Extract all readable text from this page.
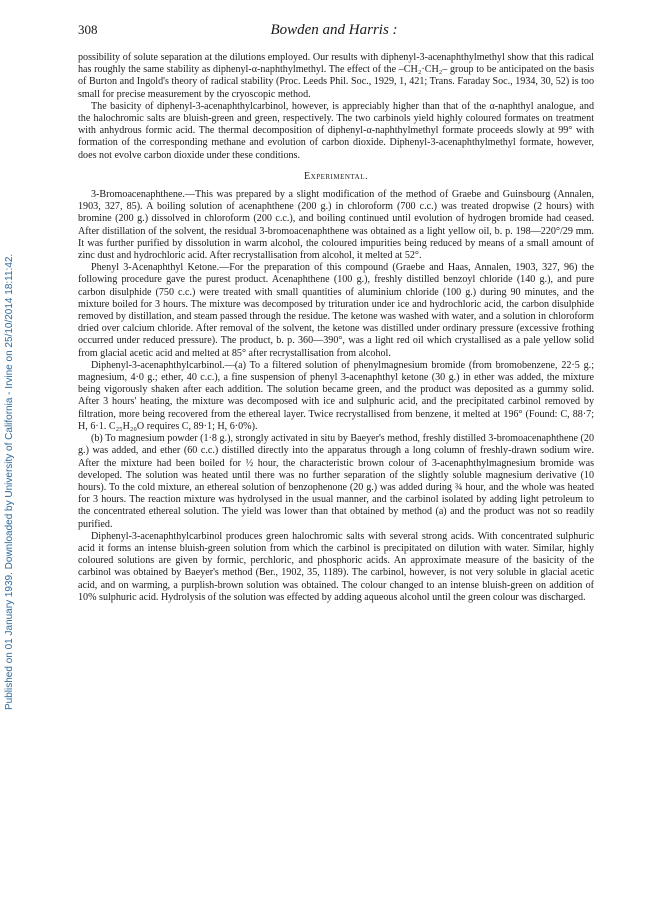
Published on 01 January 1939. Downloaded by University of California - Irvine on 25/10/2014 18:11:42.
308	Bowden and Harris :

possibility of solute separation at the dilutions employed. Our results with diphenyl-3-acenaphthylmethyl show that this radical has roughly the same stability as diphenyl-α-naphthylmethyl. The effect of the –CH₂·CH₂– group to be anticipated on the basis of Burton and Ingold's theory of radical stability (Proc. Leeds Phil. Soc., 1929, 1, 421; Trans. Faraday Soc., 1934, 30, 52) is too small for precise measurement by the cryoscopic method.

The basicity of diphenyl-3-acenaphthylcarbinol, however, is appreciably higher than that of the α-naphthyl analogue, and the halochromic salts are bluish-green and green, respectively. The two carbinols yield highly coloured formates on treatment with anhydrous formic acid. The thermal decomposition of diphenyl-α-naphthylmethyl formate proceeds slowly at 99° with formation of the corresponding methane and evolution of carbon dioxide. Diphenyl-3-acenaphthylmethyl formate, however, does not evolve carbon dioxide under these conditions.

Experimental.

3-Bromoacenaphthene.—This was prepared by a slight modification of the method of Graebe and Guinsbourg (Annalen, 1903, 327, 85). A boiling solution of acenaphthene (200 g.) in chloroform (700 c.c.) was treated dropwise (2 hours) with bromine (200 g.) dissolved in chloroform (200 c.c.), and boiling continued until evolution of hydrogen bromide had ceased. After distillation of the solvent, the residual 3-bromoacenaphthene was obtained as a light yellow oil, b. p. 198—220°/29 mm. It was further purified by dissolution in warm alcohol, the coloured impurities being reduced by means of a small amount of zinc dust and hydrochloric acid. After recrystallisation from alcohol, it melted at 52°.

Phenyl 3-Acenaphthyl Ketone.—For the preparation of this compound (Graebe and Haas, Annalen, 1903, 327, 96) the following procedure gave the purest product. Acenaphthene (100 g.), freshly distilled benzoyl chloride (140 g.), and pure carbon disulphide (750 c.c.) were treated with small quantities of aluminium chloride (100 g.) during 90 minutes, and the mixture boiled for 3 hours. The mixture was decomposed by trituration under ice and hydrochloric acid, the carbon disulphide removed by distillation, and steam passed through the residue. The ketone was washed with water, and a solution in chloroform dried over calcium chloride. After removal of the solvent, the ketone was distilled under ordinary pressure (excessive frothing occurred under reduced pressure). The product, b. p. 360—390°, was a light red oil which crystallised as a pale yellow solid from glacial acetic acid and melted at 85° after recrystallisation from alcohol.

Diphenyl-3-acenaphthylcarbinol.—(a) To a filtered solution of phenylmagnesium bromide (from bromobenzene, 22·5 g.; magnesium, 4·0 g.; ether, 40 c.c.), a fine suspension of phenyl 3-acenaphthyl ketone (30 g.) in ether was added, the mixture being vigorously shaken after each addition. The solution became green, and the product was deposited as a gummy solid. After 3 hours' heating, the mixture was decomposed with ice and sulphuric acid, and the precipitated carbinol removed by filtration, more being recovered from the ethereal layer. Twice recrystallised from benzene, it melted at 196° (Found: C, 88·7; H, 6·1. C₂₅H₂₀O requires C, 89·1; H, 6·0%).

(b) To magnesium powder (1·8 g.), strongly activated in situ by Baeyer's method, freshly distilled 3-bromoacenaphthene (20 g.) was added, and ether (60 c.c.) distilled directly into the apparatus through a long column of freshly-drawn sodium wire. After the mixture had been boiled for ½ hour, the characteristic brown colour of 3-acenaphthylmagnesium bromide was developed. The solution was heated until there was no further separation of the slightly soluble magnesium derivative (10 hours). To the cold mixture, an ethereal solution of benzophenone (20 g.) was added during ¾ hour, and the whole was heated for 3 hours. The reaction mixture was hydrolysed in the usual manner, and the carbinol isolated by adding light petroleum to the concentrated ethereal solution. The yield was lower than that obtained by method (a) and the product was not so readily purified.

Diphenyl-3-acenaphthylcarbinol produces green halochromic salts with several strong acids. With concentrated sulphuric acid it forms an intense bluish-green solution from which the carbinol is precipitated on dilution with water. Similar, highly coloured solutions are given by formic, perchloric, and phosphoric acids. An approximate measure of the basicity of the carbinol was obtained by Baeyer's method (Ber., 1902, 35, 1189). The carbinol, however, is not very soluble in glacial acetic acid, and on warming, a purplish-brown solution was obtained. The colour changed to an intense bluish-green on addition of 10% sulphuric acid. Hydrolysis of the solution was effected by adding aqueous alcohol until the green colour was discharged.
